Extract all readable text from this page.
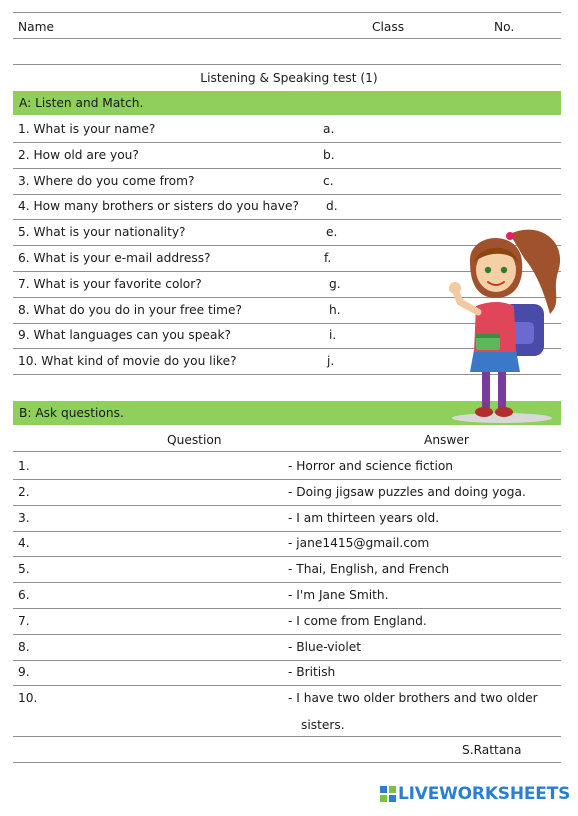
Name	Class	No.
Listening & Speaking test (1)
A: Listen and Match.
1. What is your name?	a.
2. How old are you?	b.
3. Where do you come from?	c.
4. How many brothers or sisters do you have? d.
5. What is your nationality?	e.
6. What is your e-mail address?	f.
7. What is your favorite color?	g.
8. What do you do in your free time?	h.
9. What languages can you speak?	i.
10. What kind of movie do you like?	j.
B: Ask questions.
Question	Answer
1.	- Horror and science fiction
2.	- Doing jigsaw puzzles and doing yoga.
3.	- I am thirteen years old.
4.	- jane1415@gmail.com
5.	- Thai, English, and French
6.	- I'm Jane Smith.
7.	- I come from England.
8.	- Blue-violet
9.	- British
10.	- I have two older brothers and two older
sisters.
S.Rattana
LIVEWORKSHEETS
